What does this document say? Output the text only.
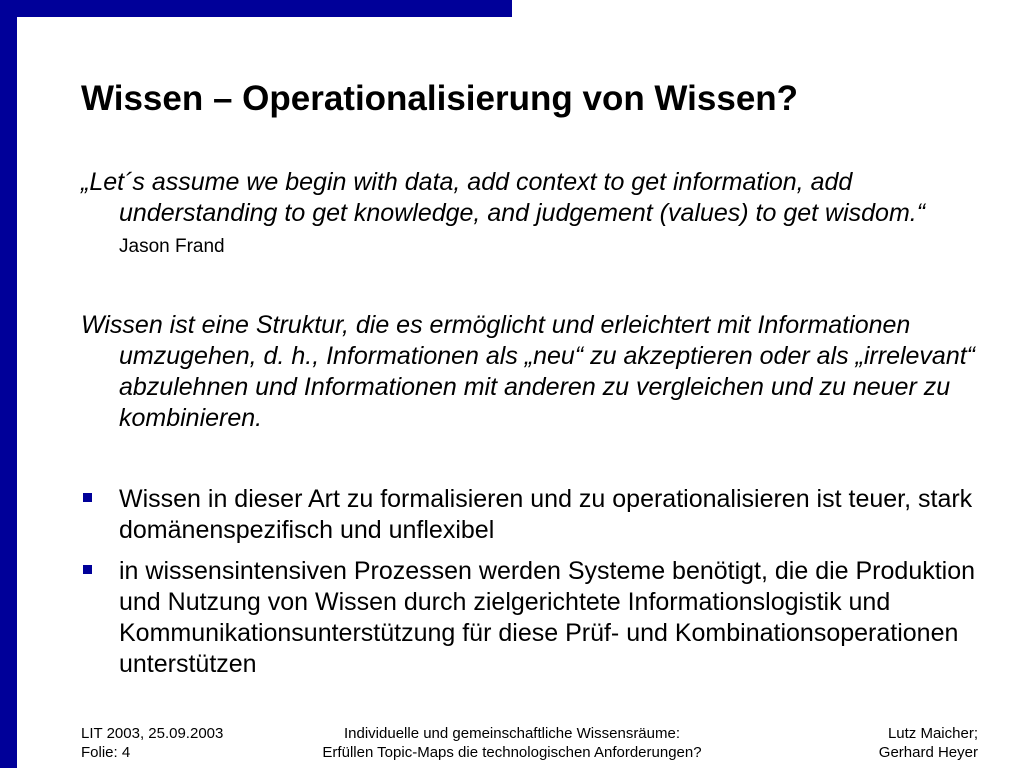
Wissen – Operationalisierung von Wissen?
„Let´s assume we begin with data, add context to get information, add understanding to get knowledge, and judgement (values) to get wisdom.“ Jason Frand
Wissen ist eine Struktur, die es ermöglicht und erleichtert mit Informationen umzugehen, d. h., Informationen als „neu“ zu akzeptieren oder als „irrelevant“ abzulehnen und Informationen mit anderen zu vergleichen und zu neuer zu kombinieren.
Wissen in dieser Art zu formalisieren und zu operationalisieren ist teuer, stark domänenspezifisch und unflexibel
in wissensintensiven Prozessen werden Systeme benötigt, die die Produktion und Nutzung von Wissen durch zielgerichtete Informationslogistik und Kommunikationsunterstützung für diese Prüf- und Kombinationsoperationen unterstützen
LIT 2003, 25.09.2003
Folie: 4
Individuelle und gemeinschaftliche Wissensräume:
Erfüllen Topic-Maps die technologischen Anforderungen?
Lutz Maicher;
Gerhard Heyer
